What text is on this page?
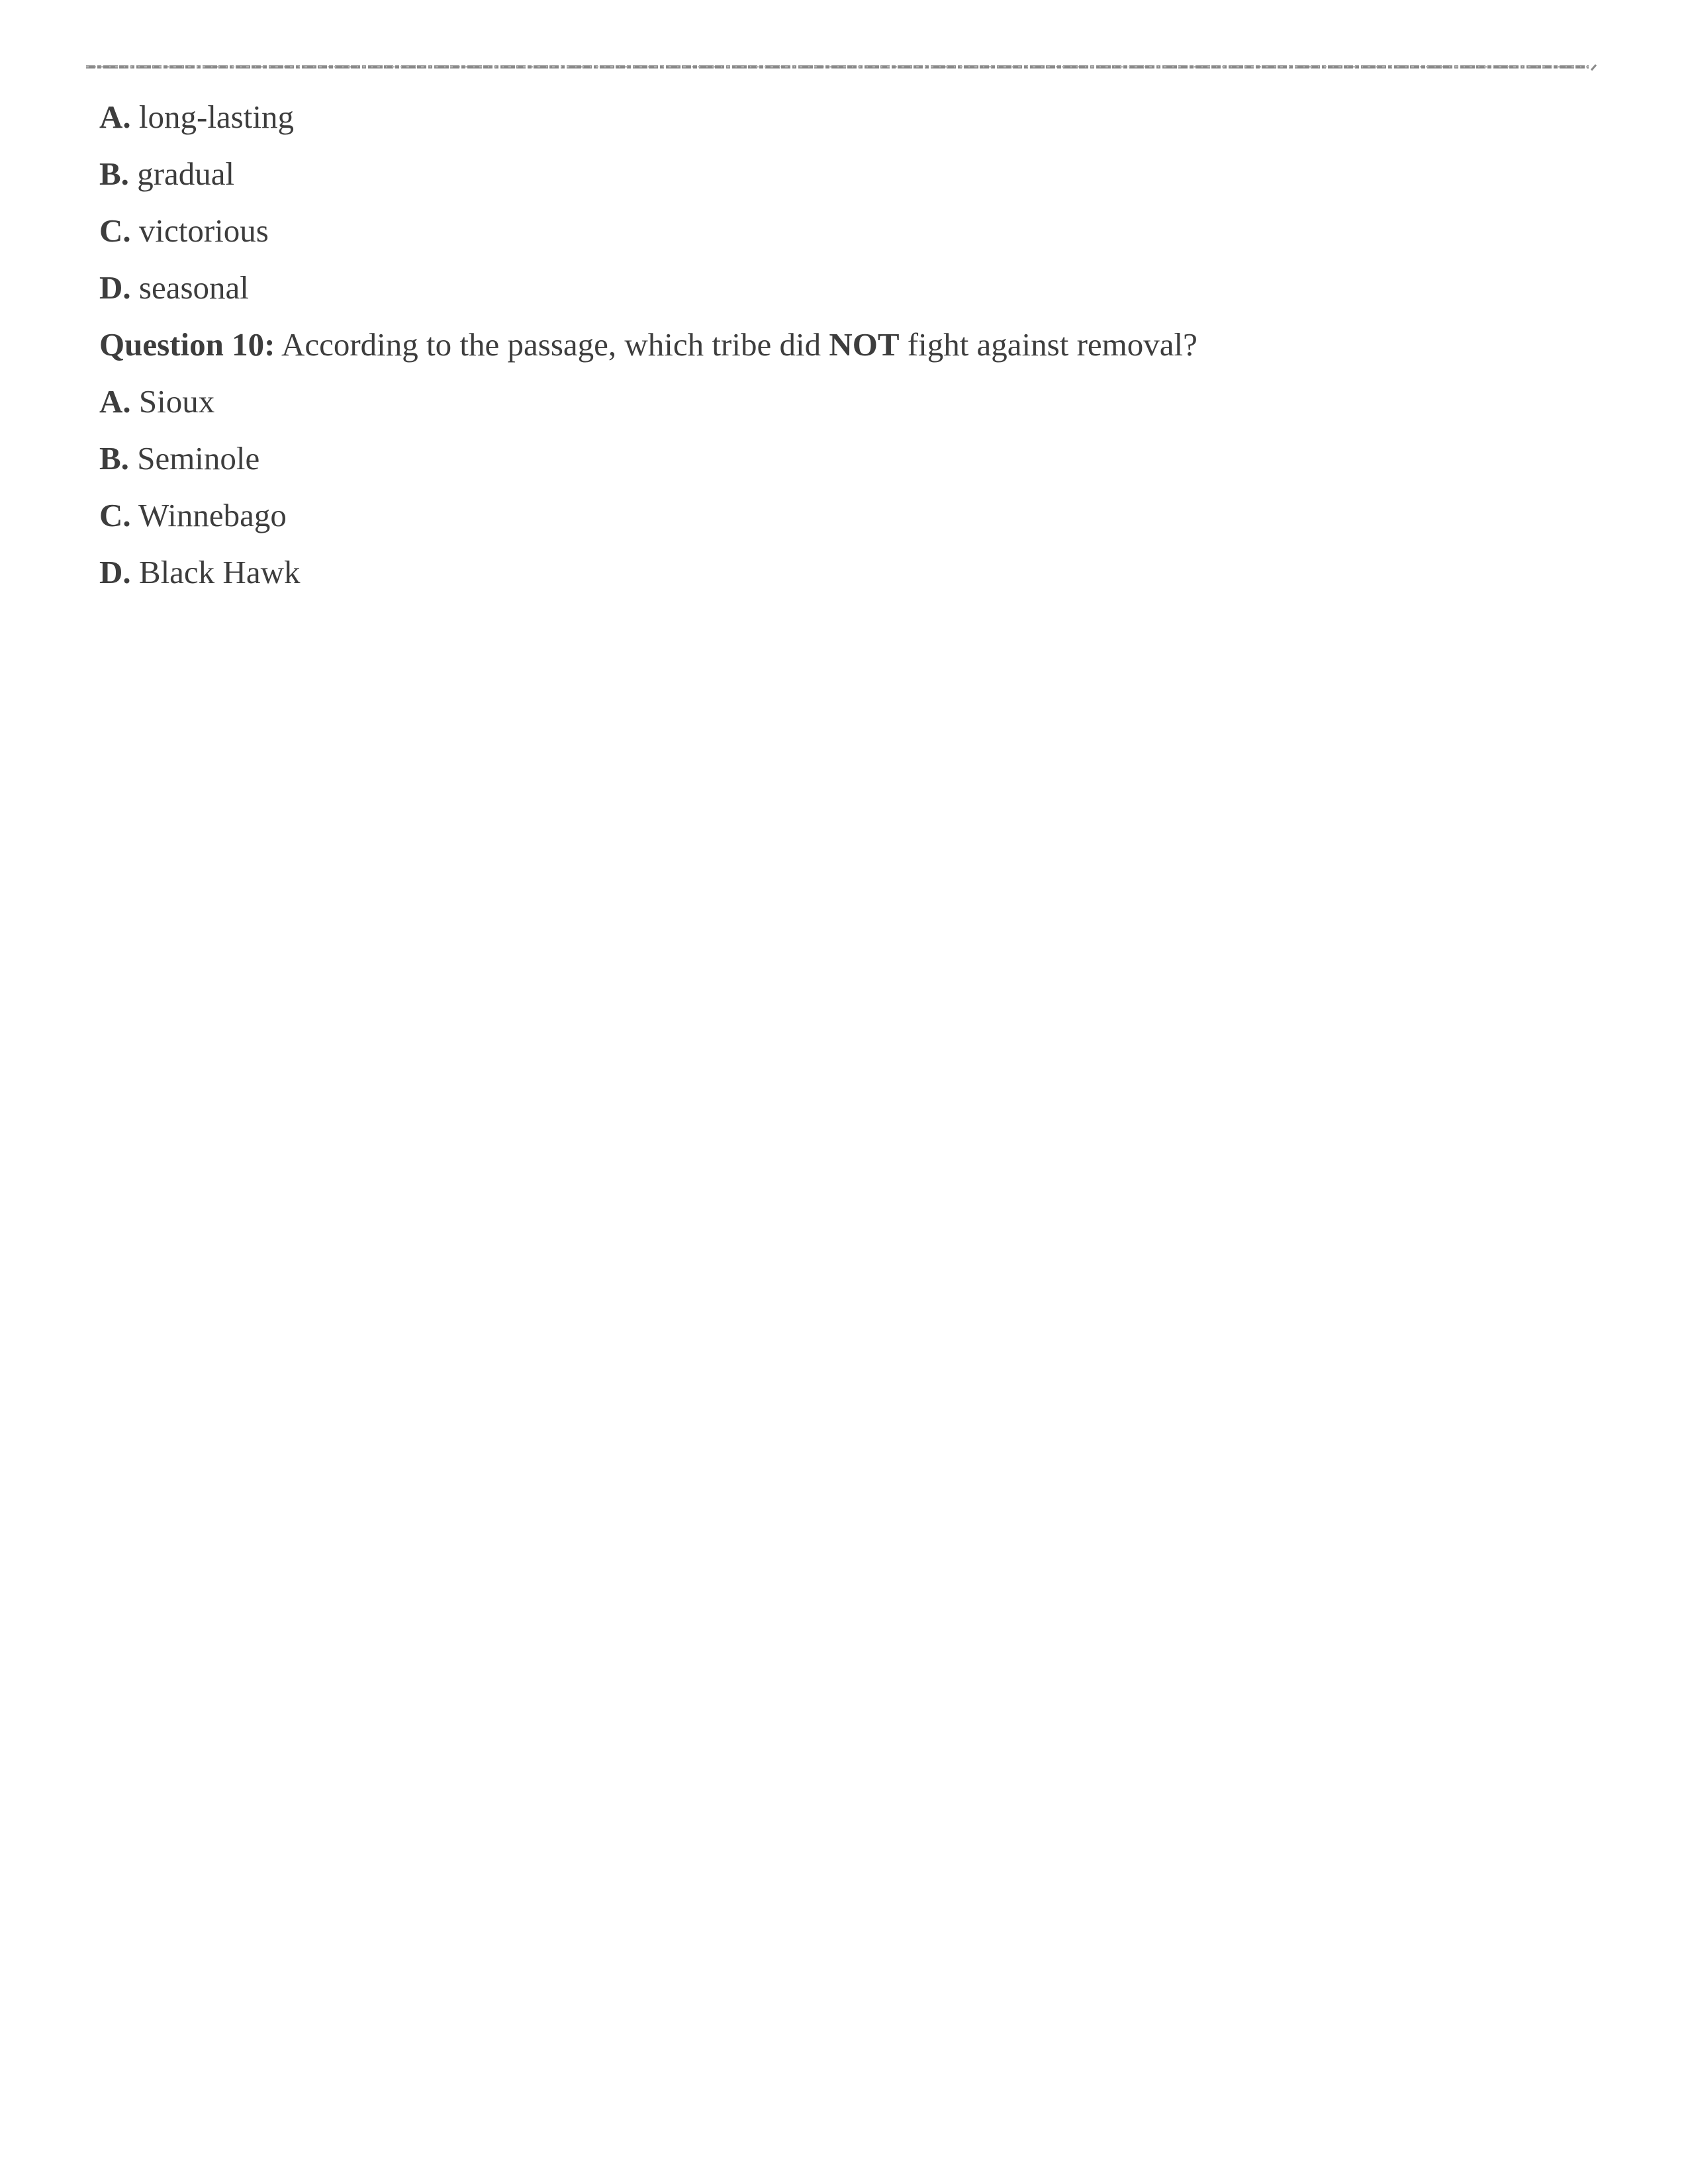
A. long-lasting
B. gradual
C. victorious
D. seasonal
Question 10: According to the passage, which tribe did NOT fight against removal?
A. Sioux
B. Seminole
C. Winnebago
D. Black Hawk
